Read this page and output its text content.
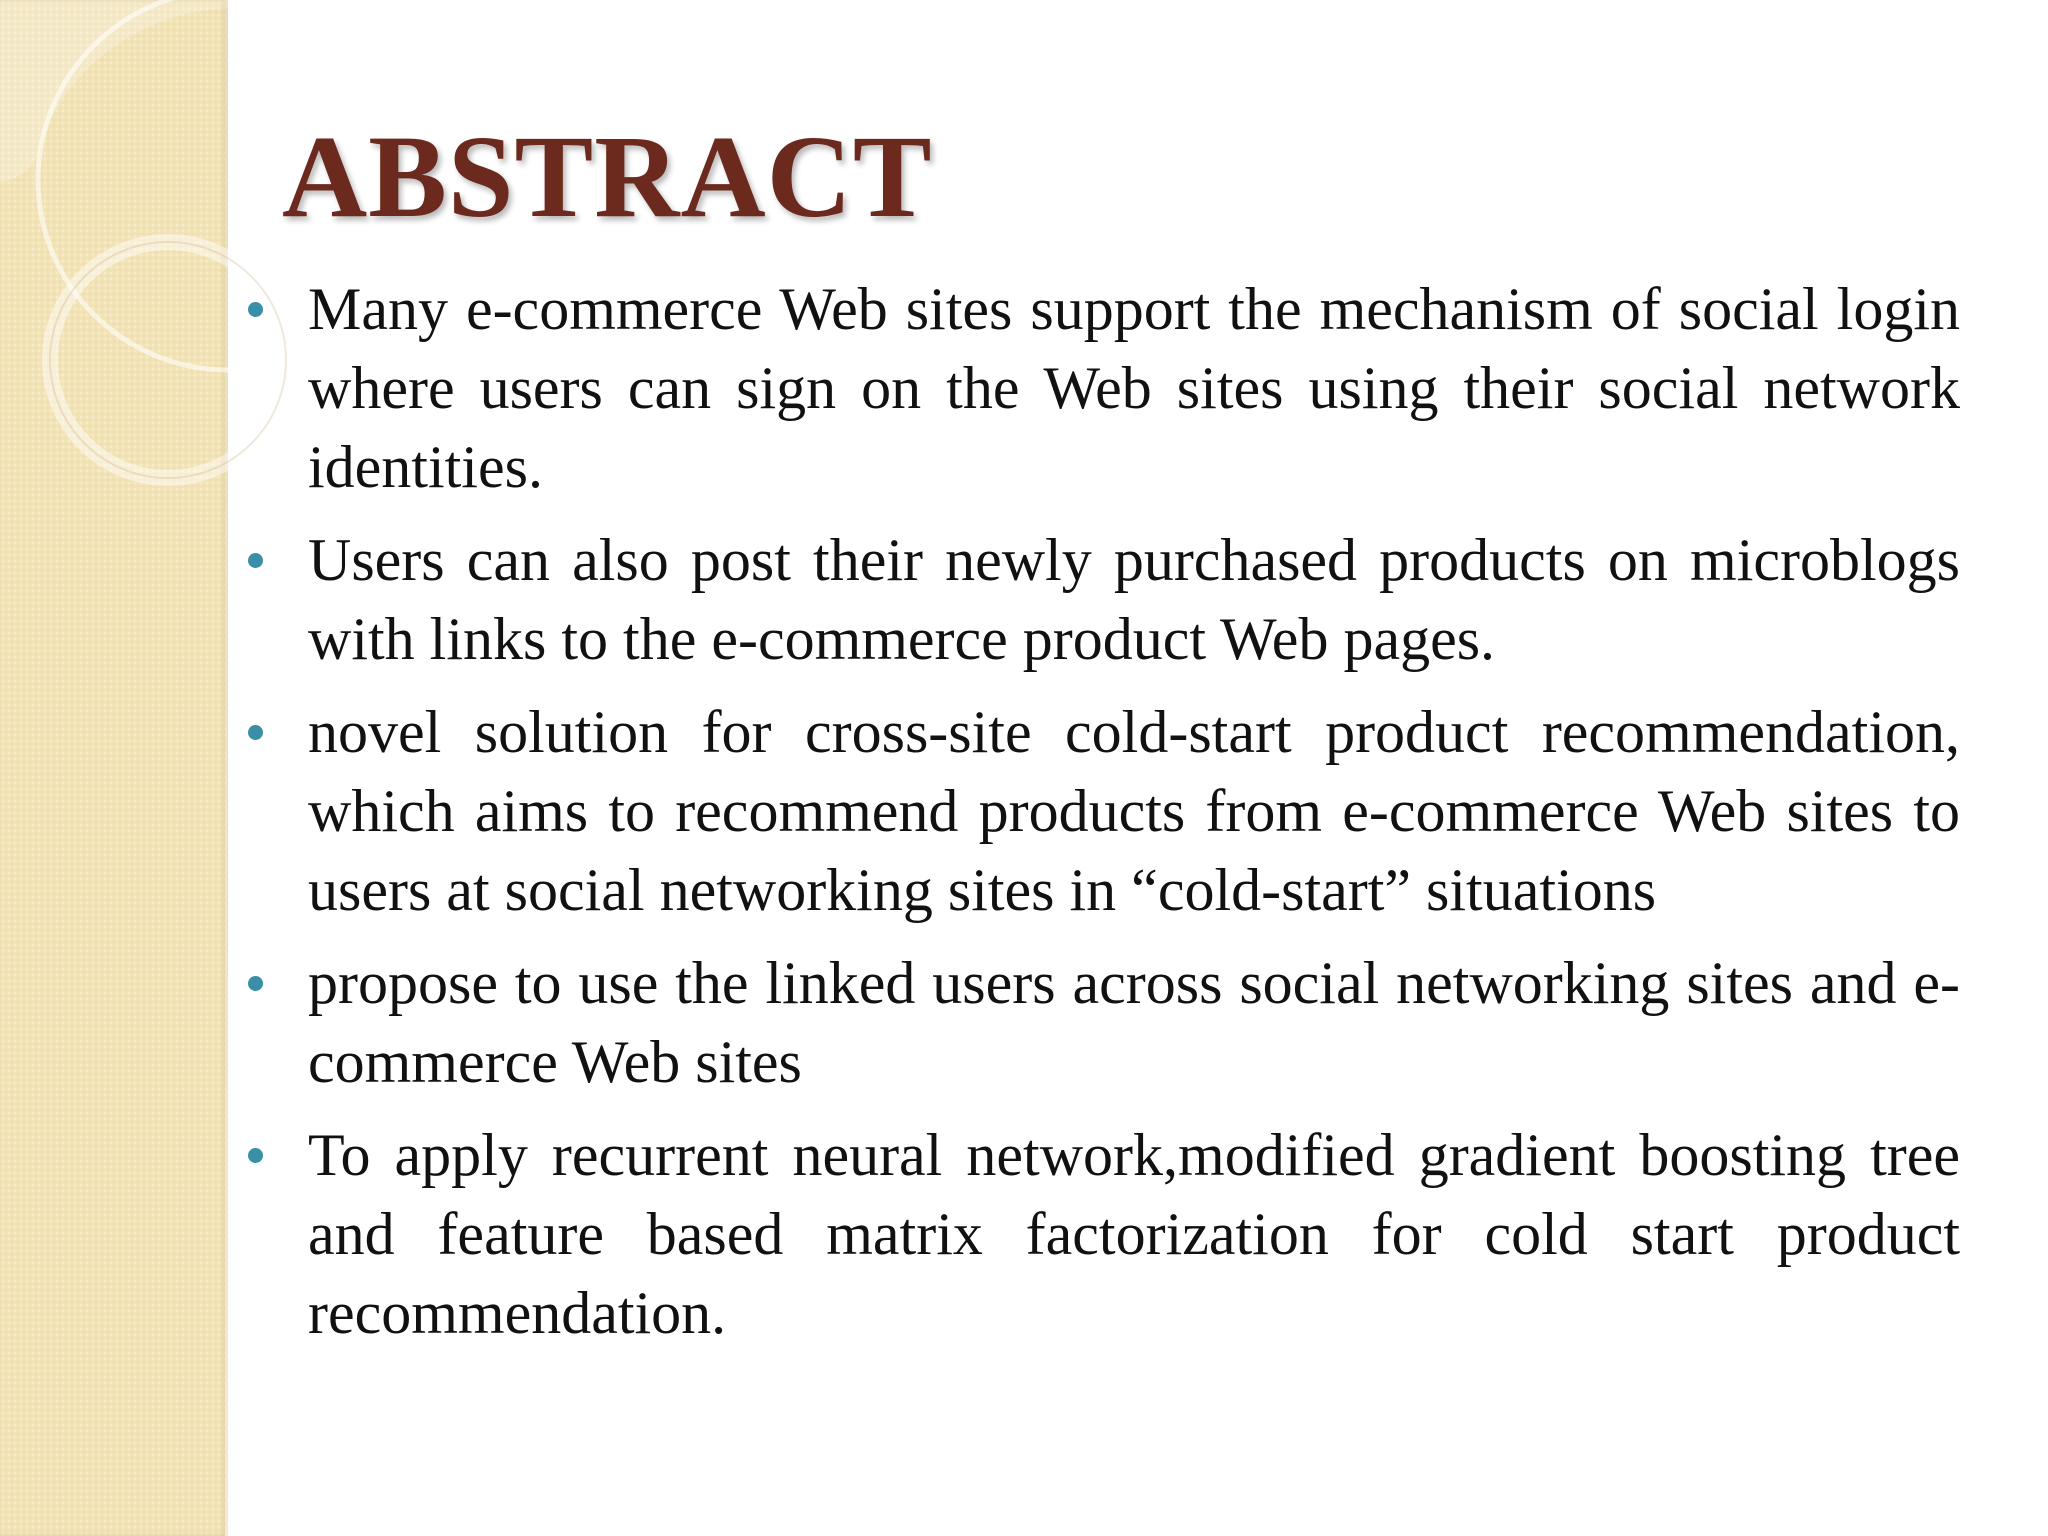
ABSTRACT
Many e-commerce Web sites support the mechanism of social login where users can sign on the Web sites using their social network identities.
Users can also post their newly purchased products on microblogs with links to the e-commerce product Web pages.
novel solution for cross-site cold-start product recommendation, which aims to recommend products from e-commerce Web sites to users at social networking sites in “cold-start” situations
propose to use the linked users across social networking sites and e-commerce Web sites
To apply recurrent neural network,modified gradient boosting tree and feature based matrix factorization for cold start product recommendation.
